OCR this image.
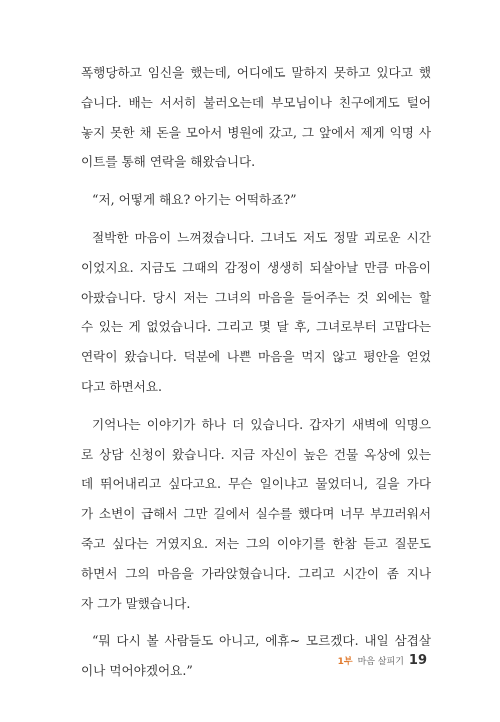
폭행당하고 임신을 했는데, 어디에도 말하지 못하고 있다고 했
습니다. 배는 서서히 불러오는데 부모님이나 친구에게도 털어
놓지 못한 채 돈을 모아서 병원에 갔고, 그 앞에서 제게 익명 사
이트를 통해 연락을 해왔습니다.
“저, 어떻게 해요? 아기는 어떡하죠?”
절박한 마음이 느껴졌습니다. 그녀도 저도 정말 괴로운 시간
이었지요. 지금도 그때의 감정이 생생히 되살아날 만큼 마음이
아팠습니다. 당시 저는 그녀의 마음을 들어주는 것 외에는 할
수 있는 게 없었습니다. 그리고 몇 달 후, 그녀로부터 고맙다는
연락이 왔습니다. 덕분에 나쁜 마음을 먹지 않고 평안을 얻었
다고 하면서요.
기억나는 이야기가 하나 더 있습니다. 갑자기 새벽에 익명으
로 상담 신청이 왔습니다. 지금 자신이 높은 건물 옥상에 있는
데 뛰어내리고 싶다고요. 무슨 일이냐고 물었더니, 길을 가다
가 소변이 급해서 그만 길에서 실수를 했다며 너무 부끄러워서
죽고 싶다는 거였지요. 저는 그의 이야기를 한참 듣고 질문도
하면서 그의 마음을 가라앉혔습니다. 그리고 시간이 좀 지나
자 그가 말했습니다.
“뭐 다시 볼 사람들도 아니고, 에휴~ 모르겠다. 내일 삼겹살
이나 먹어야겠어요.”
1부 마음 살피기 19
